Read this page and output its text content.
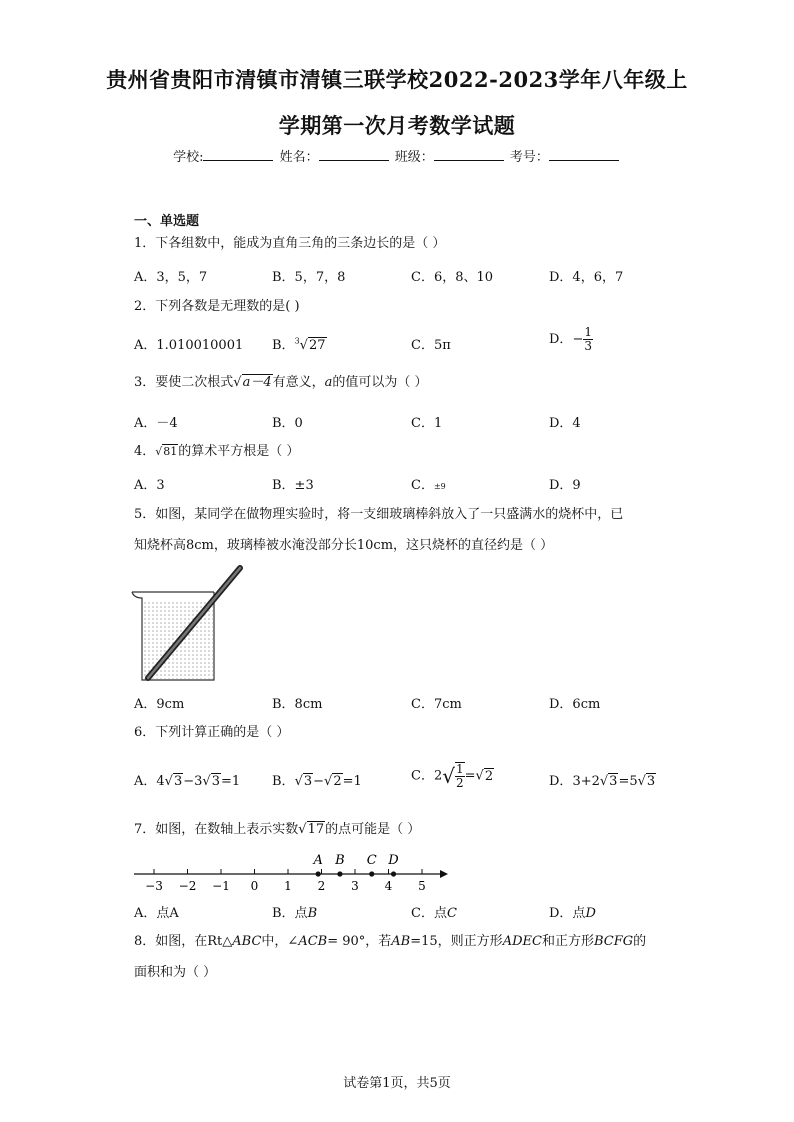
贵州省贵阳市清镇市清镇三联学校2022-2023学年八年级上
学期第一次月考数学试题
学校:	姓名：	班级：	考号：
一、单选题
1．下各组数中，能成为直角三角的三条边长的是（ ）
A．3，5，7	B．5，7，8	C．6，8、10	D．4，6，7
2．下列各数是无理数的是( )
A．1.010010001 B．$^3$√27	C．5π	D．− $\frac{1}{3}$
3．要使二次根式√a－4有意义，a的值可以为（ ）
A．－4	B．0	C．1	D．4
4．√81的算术平方根是（ ）
A．3	B．±3	C．±9	D．9
5．如图，某同学在做物理实验时，将一支细玻璃棒斜放入了一只盛满水的烧杯中，已
知烧杯高8cm，玻璃棒被水淹没部分长10cm，这只烧杯的直径约是（ ）
A．9cm	B．8cm	C．7cm	D．6cm
6．下列计算正确的是（ ）
A．4√3−3√3=1 B．√3−√2=1	C．$2√ \frac{1}{2} =√2$	D．3+2√3=5√3
7．如图，在数轴上表示实数√17的点可能是（ ）
−3 −2 −1 0 1 2 3 4 5
A B C D
A．点A	B．点B	C．点C	D．点D
8．如图，在Rt△ABC中，∠ACB= 90°，若AB=15，则正方形ADEC和正方形BCFG的
面积和为（ ）
试卷第1页，共5页
